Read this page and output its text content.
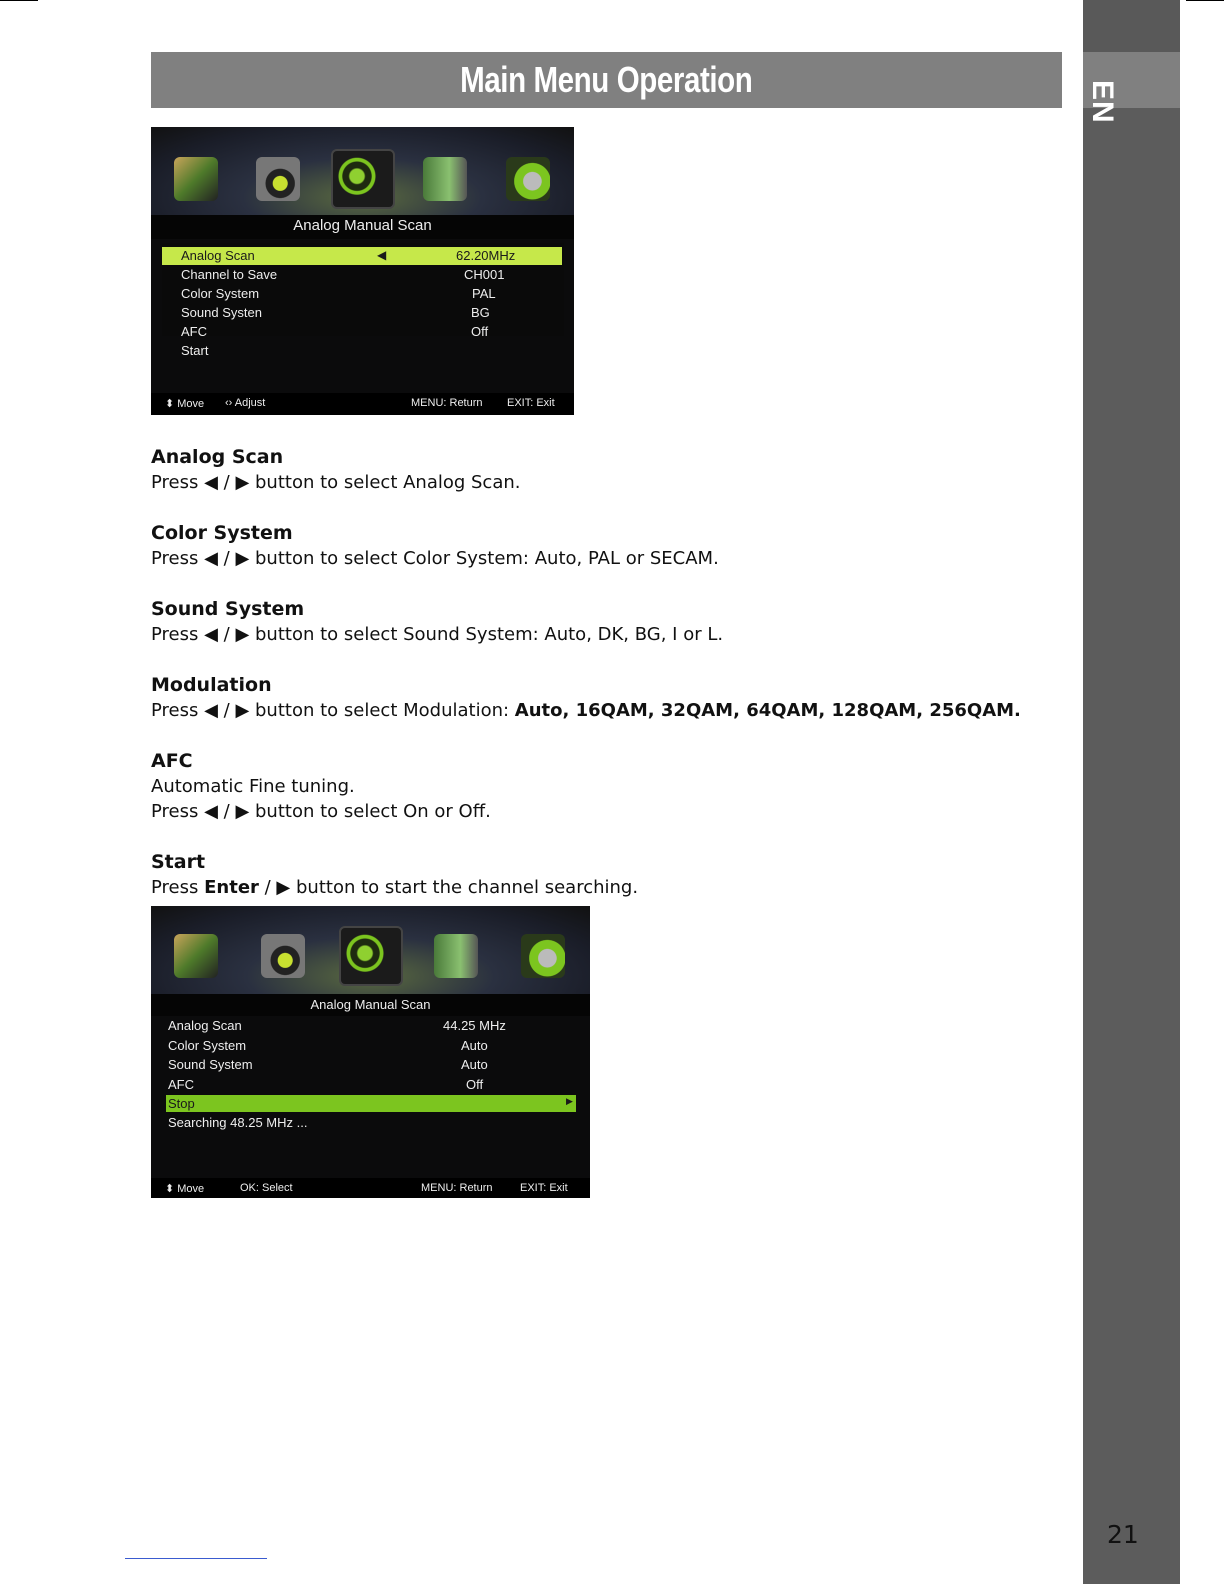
EN
21
Main Menu Operation
Analog Manual Scan
Analog Scan	◀	62.20MHz
Channel to Save	CH001
Color System	PAL
Sound Systen	BG
AFC	Off
Start
⬍ Move ‹› Adjust	MENU: Return EXIT: Exit
Analog Scan
Press ◀ / ▶ button to select Analog Scan.
Color System
Press ◀ / ▶ button to select Color System: Auto, PAL or SECAM.
Sound System
Press ◀ / ▶ button to select Sound System: Auto, DK, BG, I or L.
Modulation
Press ◀ / ▶ button to select Modulation: Auto, 16QAM, 32QAM, 64QAM, 128QAM, 256QAM.
AFC
Automatic Fine tuning.
Press ◀ / ▶ button to select On or Off.
Start
Press Enter / ▶ button to start the channel searching.
Analog Manual Scan
Analog Scan	44.25 MHz
Color System	Auto
Sound System	Auto
AFC	Off
Stop	▶
Searching 48.25 MHz ...
⬍ Move	OK: Select	MENU: Return EXIT: Exit
